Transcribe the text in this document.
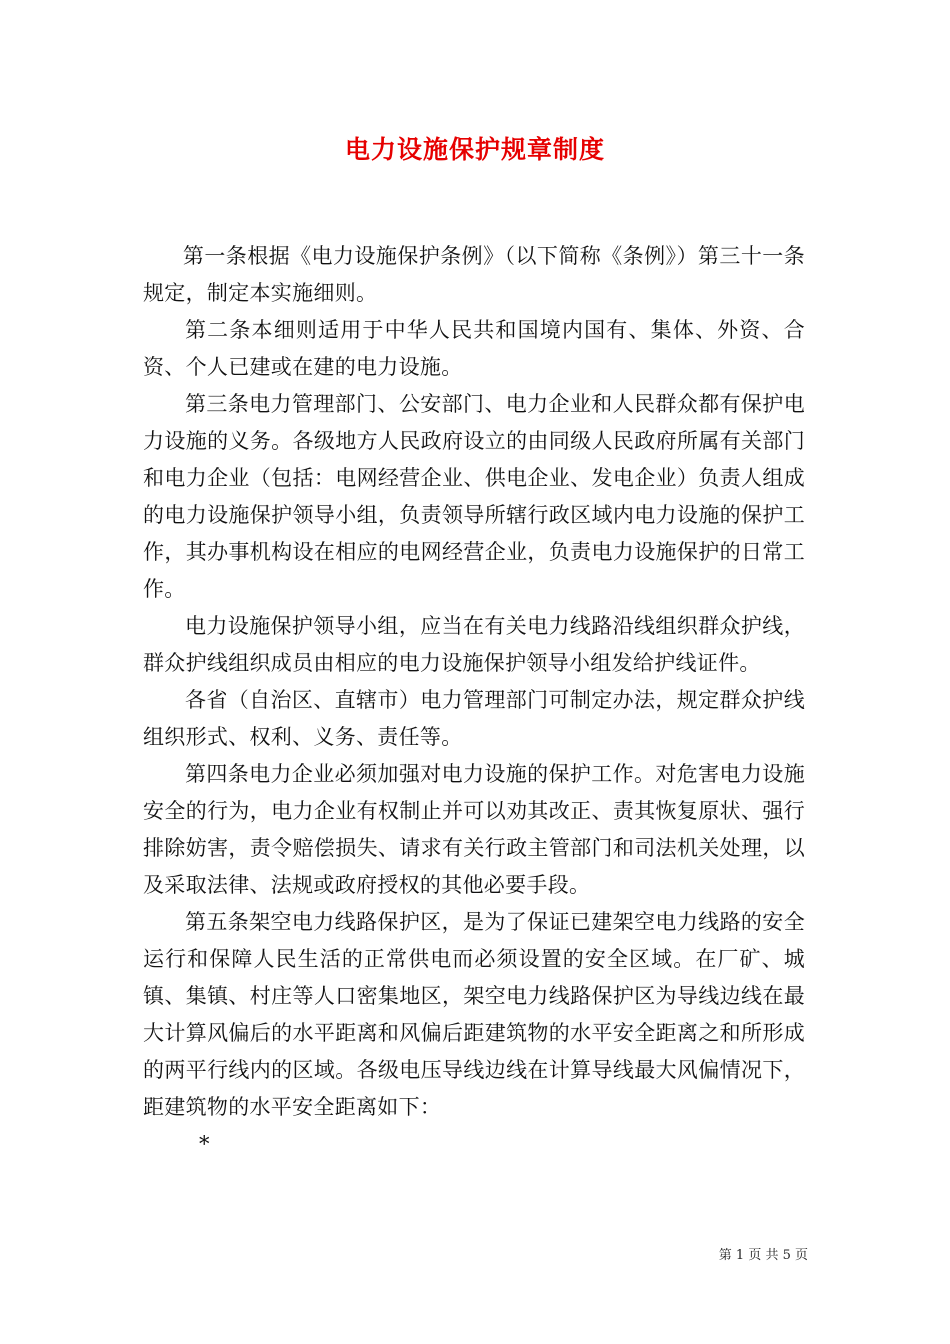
电力设施保护规章制度

第一条根据《电力设施保护条例》（以下简称《条例》）第三十一条规定，制定本实施细则。

第二条本细则适用于中华人民共和国境内国有、集体、外资、合资、个人已建或在建的电力设施。

第三条电力管理部门、公安部门、电力企业和人民群众都有保护电力设施的义务。各级地方人民政府设立的由同级人民政府所属有关部门和电力企业（包括：电网经营企业、供电企业、发电企业）负责人组成的电力设施保护领导小组，负责领导所辖行政区域内电力设施的保护工作，其办事机构设在相应的电网经营企业，负责电力设施保护的日常工作。

电力设施保护领导小组，应当在有关电力线路沿线组织群众护线，群众护线组织成员由相应的电力设施保护领导小组发给护线证件。

各省（自治区、直辖市）电力管理部门可制定办法，规定群众护线组织形式、权利、义务、责任等。

第四条电力企业必须加强对电力设施的保护工作。对危害电力设施安全的行为，电力企业有权制止并可以劝其改正、责其恢复原状、强行排除妨害，责令赔偿损失、请求有关行政主管部门和司法机关处理，以及采取法律、法规或政府授权的其他必要手段。

第五条架空电力线路保护区，是为了保证已建架空电力线路的安全运行和保障人民生活的正常供电而必须设置的安全区域。在厂矿、城镇、集镇、村庄等人口密集地区，架空电力线路保护区为导线边线在最大计算风偏后的水平距离和风偏后距建筑物的水平安全距离之和所形成的两平行线内的区域。各级电压导线边线在计算导线最大风偏情况下，距建筑物的水平安全距离如下：

*

第 1 页 共 5 页
